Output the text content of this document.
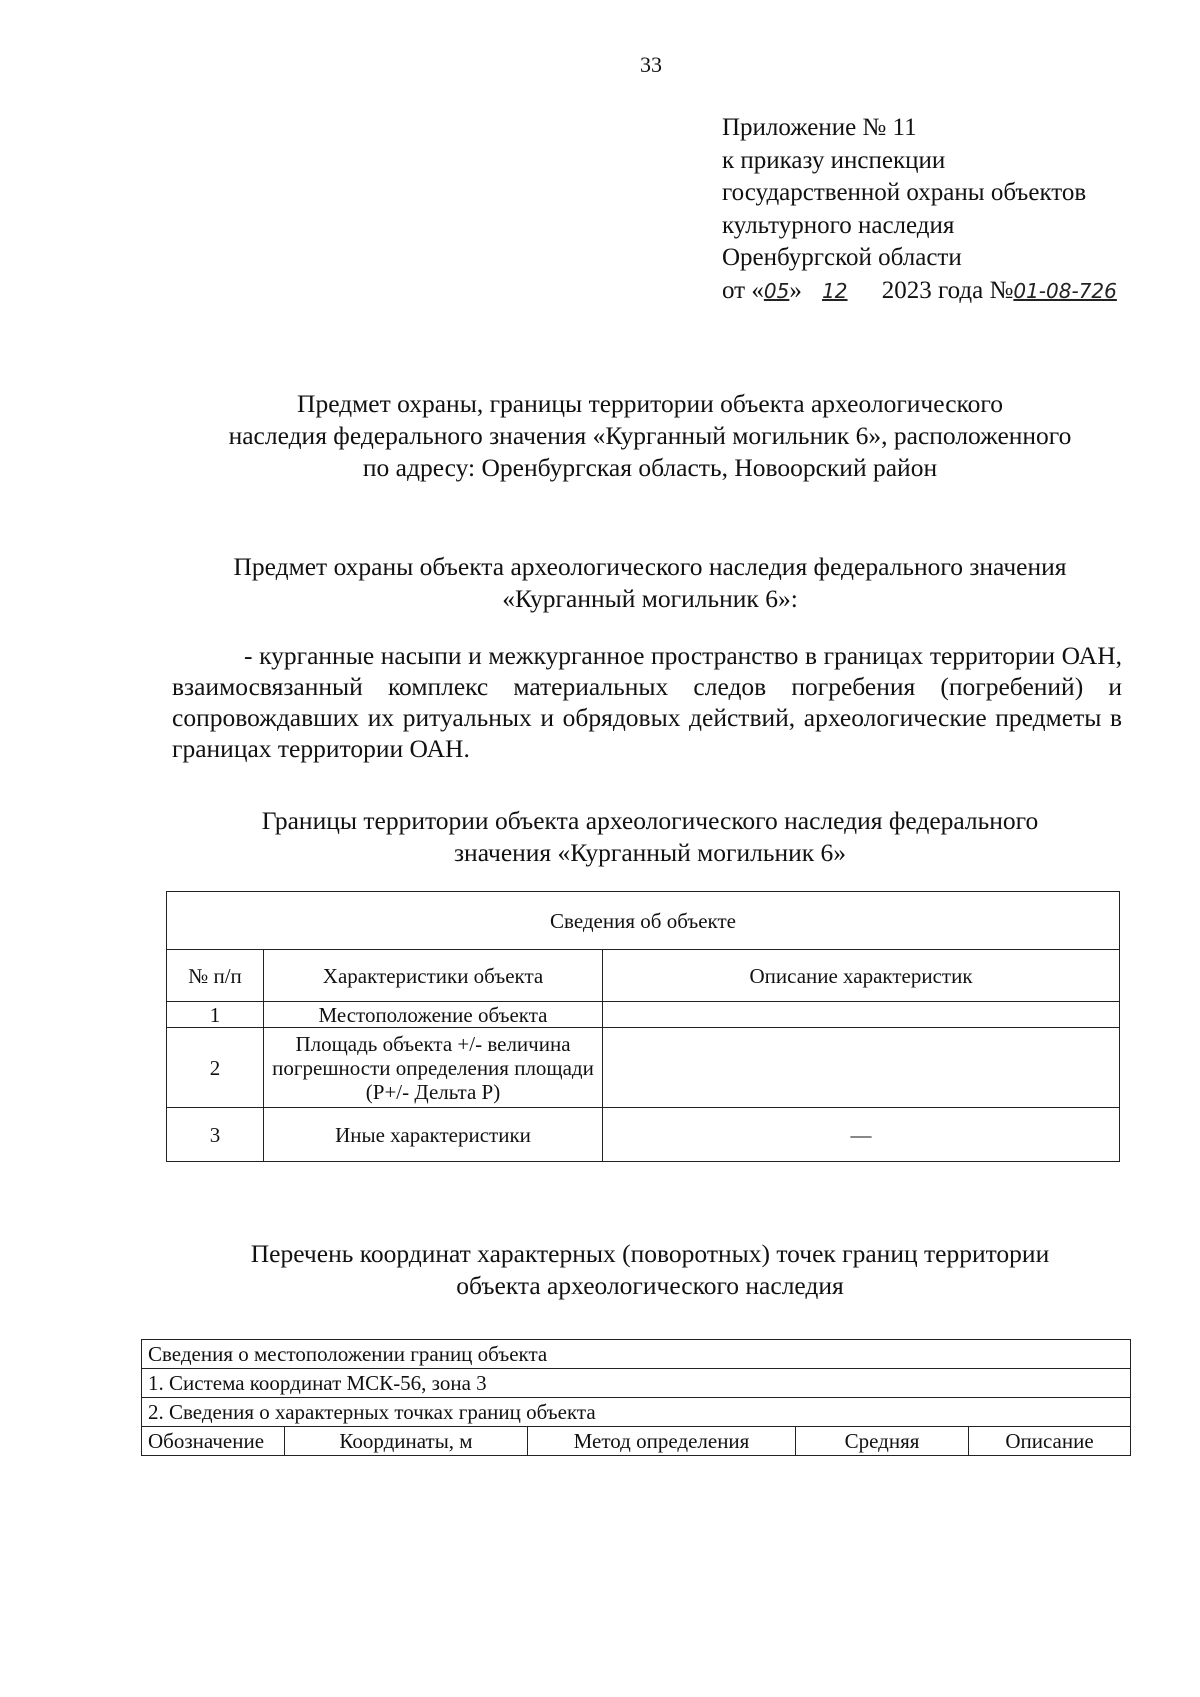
33
Приложение № 11
к приказу инспекции
государственной охраны объектов
культурного наследия
Оренбургской области
от «05» 12 2023 года №01-08-726
Предмет охраны, границы территории объекта археологического
наследия федерального значения «Курганный могильник 6», расположенного
по адресу: Оренбургская область, Новоорский район
Предмет охраны объекта археологического наследия федерального значения
«Курганный могильник 6»:
- курганные насыпи и межкурганное пространство в границах территории ОАН, взаимосвязанный комплекс материальных следов погребения (погребений) и сопровождавших их ритуальных и обрядовых действий, археологические предметы в границах территории ОАН.
Границы территории объекта археологического наследия федерального
значения «Курганный могильник 6»
Сведения об объекте		
№ п/п	Характеристики объекта	Описание характеристик
1	Местоположение объекта	
2	Площадь объекта +/- величина погрешности определения площади (P+/- Дельта P)	
3	Иные характеристики	—
Перечень координат характерных (поворотных) точек границ территории
объекта археологического наследия
Сведения о местоположении границ объекта
1. Система координат МСК-56, зона 3
2. Сведения о характерных точках границ объекта
Обозначение	Координаты, м	Метод определения	Средняя	Описание
